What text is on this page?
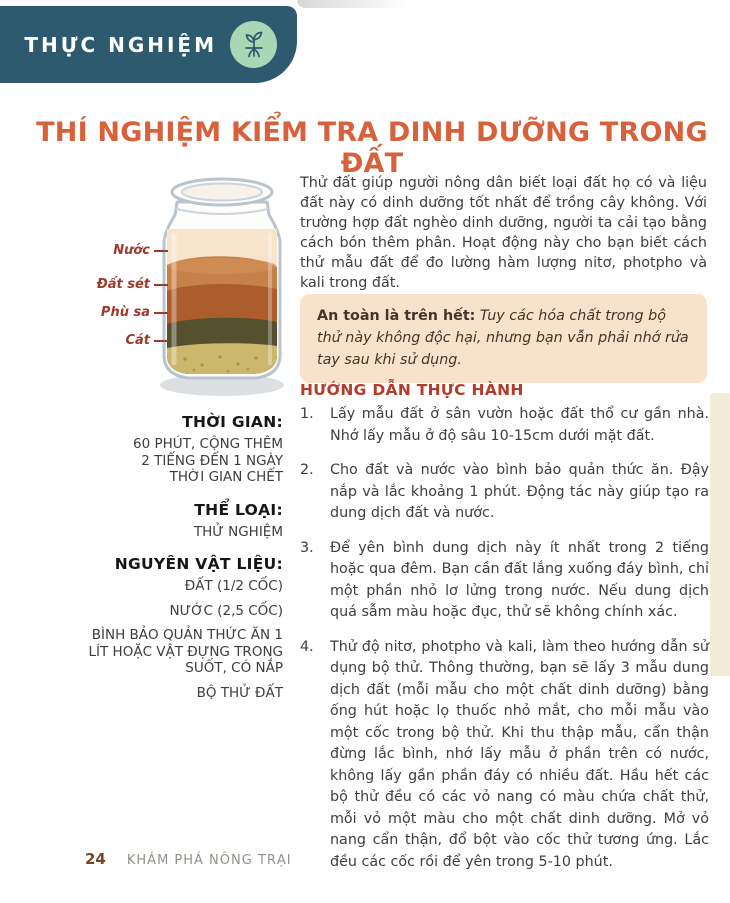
THỰC NGHIỆM
THÍ NGHIỆM KIỂM TRA DINH DƯỠNG TRONG ĐẤT
Nước
Đất sét
Phù sa
Cát
Thử đất giúp người nông dân biết loại đất họ có và liệu đất này có dinh dưỡng tốt nhất để trồng cây không. Với trường hợp đất nghèo dinh dưỡng, người ta cải tạo bằng cách bón thêm phân. Hoạt động này cho bạn biết cách thử mẫu đất để đo lường hàm lượng nitơ, photpho và kali trong đất.
An toàn là trên hết: Tuy các hóa chất trong bộ thử này không độc hại, nhưng bạn vẫn phải nhớ rửa tay sau khi sử dụng.
HƯỚNG DẪN THỰC HÀNH
1.	Lấy mẫu đất ở sân vườn hoặc đất thổ cư gần nhà. Nhớ lấy mẫu ở độ sâu 10-15cm dưới mặt đất.
2.	Cho đất và nước vào bình bảo quản thức ăn. Đậy nắp và lắc khoảng 1 phút. Động tác này giúp tạo ra dung dịch đất và nước.
3.	Để yên bình dung dịch này ít nhất trong 2 tiếng hoặc qua đêm. Bạn cần đất lắng xuống đáy bình, chỉ một phần nhỏ lơ lửng trong nước. Nếu dung dịch quá sẫm màu hoặc đục, thử sẽ không chính xác.
4.	Thử độ nitơ, photpho và kali, làm theo hướng dẫn sử dụng bộ thử. Thông thường, bạn sẽ lấy 3 mẫu dung dịch đất (mỗi mẫu cho một chất dinh dưỡng) bằng ống hút hoặc lọ thuốc nhỏ mắt, cho mỗi mẫu vào một cốc trong bộ thử. Khi thu thập mẫu, cẩn thận đừng lắc bình, nhớ lấy mẫu ở phần trên có nước, không lấy gần phần đáy có nhiều đất. Hầu hết các bộ thử đều có các vỏ nang có màu chứa chất thử, mỗi vỏ một màu cho một chất dinh dưỡng. Mở vỏ nang cẩn thận, đổ bột vào cốc thử tương ứng. Lắc đều các cốc rồi để yên trong 5-10 phút.
THỜI GIAN:
60 PHÚT, CỘNG THÊM
2 TIẾNG ĐẾN 1 NGÀY
THỜI GIAN CHẾT
THỂ LOẠI:
THỬ NGHIỆM
NGUYÊN VẬT LIỆU:
ĐẤT (1/2 CỐC)
NƯỚC (2,5 CỐC)
BÌNH BẢO QUẢN THỨC ĂN 1 LÍT HOẶC VẬT ĐỰNG TRONG SUỐT, CÓ NẮP
BỘ THỬ ĐẤT
24 KHÁM PHÁ NÔNG TRẠI
